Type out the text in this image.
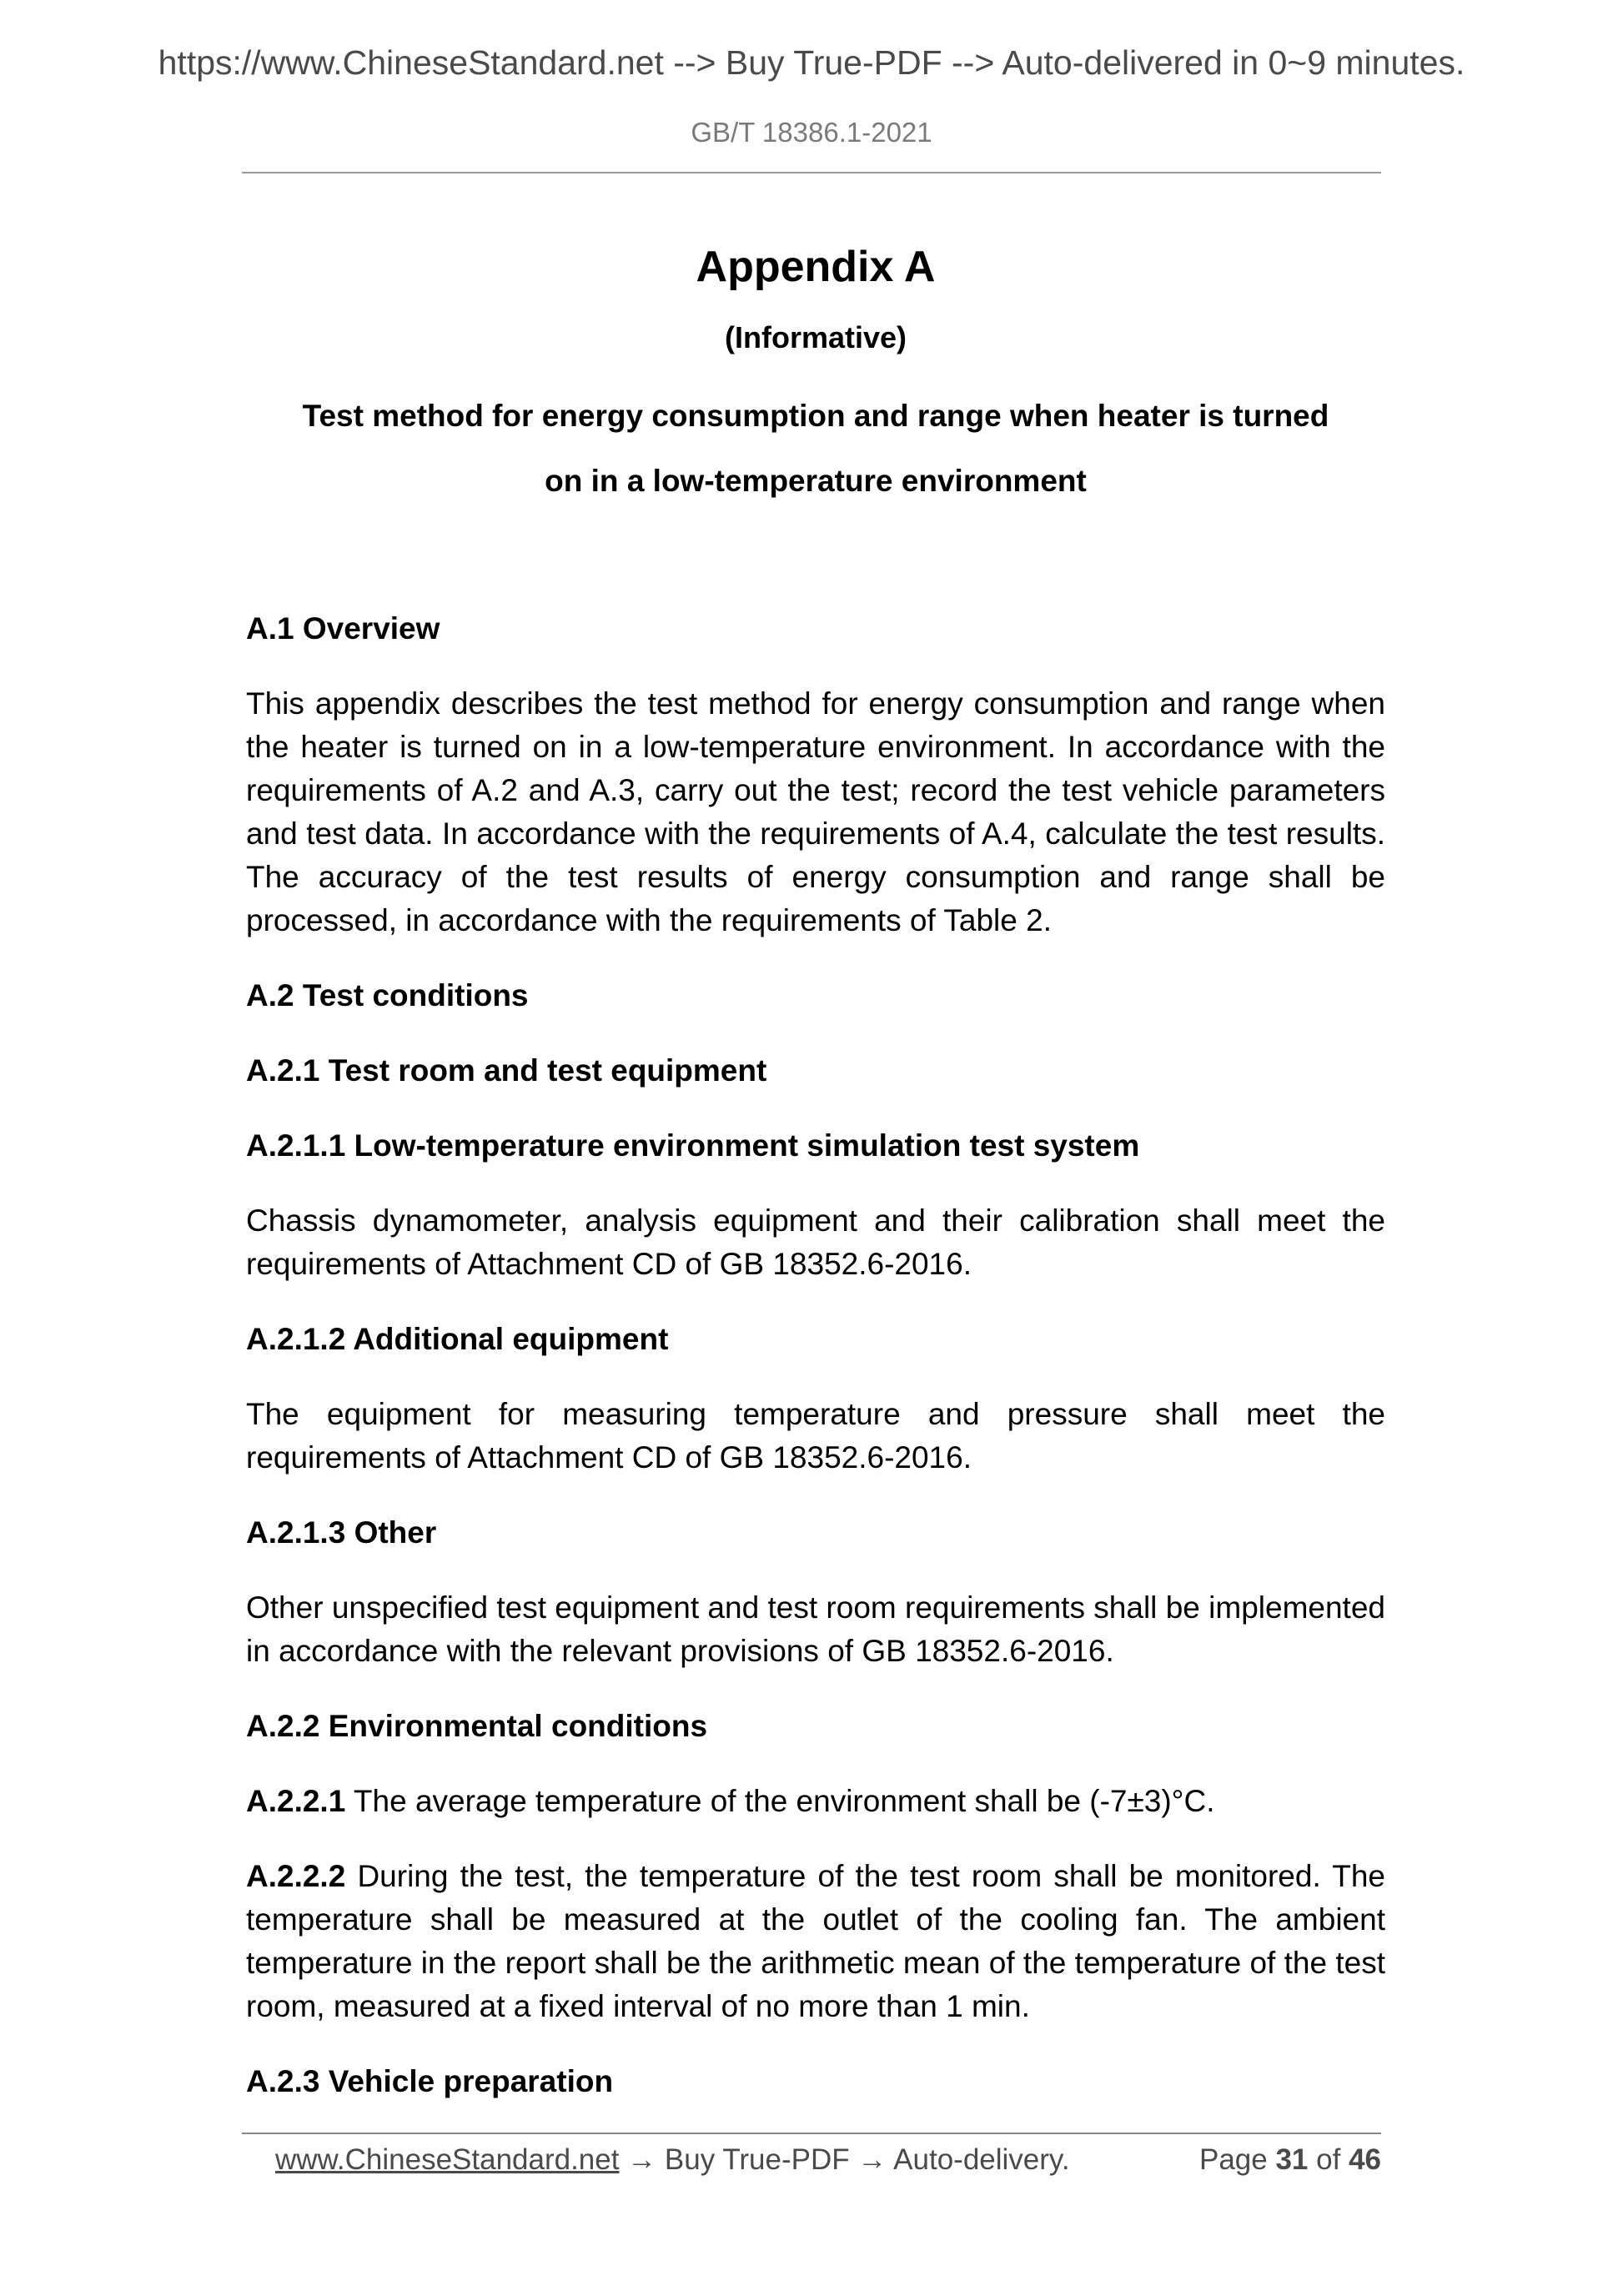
https://www.ChineseStandard.net --> Buy True-PDF --> Auto-delivered in 0~9 minutes.
GB/T 18386.1-2021

Appendix A

(Informative)

Test method for energy consumption and range when heater is turned

on in a low-temperature environment

A.1 Overview

This appendix describes the test method for energy consumption and range when the heater is turned on in a low-temperature environment. In accordance with the requirements of A.2 and A.3, carry out the test; record the test vehicle parameters and test data. In accordance with the requirements of A.4, calculate the test results. The accuracy of the test results of energy consumption and range shall be processed, in accordance with the requirements of Table 2.

A.2 Test conditions

A.2.1 Test room and test equipment

A.2.1.1 Low-temperature environment simulation test system

Chassis dynamometer, analysis equipment and their calibration shall meet the requirements of Attachment CD of GB 18352.6-2016.

A.2.1.2 Additional equipment

The equipment for measuring temperature and pressure shall meet the requirements of Attachment CD of GB 18352.6-2016.

A.2.1.3 Other

Other unspecified test equipment and test room requirements shall be implemented in accordance with the relevant provisions of GB 18352.6-2016.

A.2.2 Environmental conditions

A.2.2.1 The average temperature of the environment shall be (-7±3)°C.

A.2.2.2 During the test, the temperature of the test room shall be monitored. The temperature shall be measured at the outlet of the cooling fan. The ambient temperature in the report shall be the arithmetic mean of the temperature of the test room, measured at a fixed interval of no more than 1 min.

A.2.3 Vehicle preparation

www.ChineseStandard.net → Buy True-PDF → Auto-delivery.	Page 31 of 46
